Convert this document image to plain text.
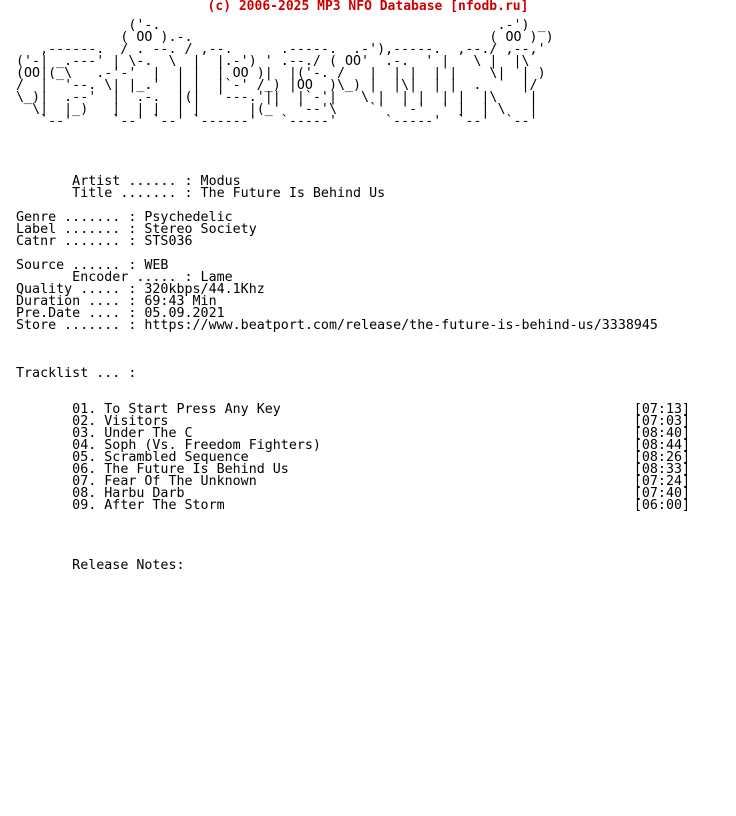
(c) 2006-2025 MP3 NFO Database [nfodb.ru]
('-.                                          .-') _
( OO ).-.                                     ( OO ) )
,------.  / . --. / ,--.      .-----.  .-'),-----.  ,--./ ,--,'
('-| _.---' | \-.  \  |  |.-') ' .--./ ( OO'  .-.  ' |   \ |  |\
(OO|(_\   .-'-'  |  | |  | OO )|  |('-. /   |  | |  | |    \|  | )
/  |  '--. \| |_.'  | |  |`-' /_) |OO  )\_) |  |\|  | |  .     |/
\_)|  .--'  |  .-.  |(|  '---.'||  |`-'|   \ |  | |  | |  |\    |
\|  |_)   |  | |  | |      |(_'  '--'\    `'  '-'  ' |  | \   |
`--'     `--' `--' `------'   `-----'      `-----'  `--'  `--'

Artist ...... : Modus
Title ....... : The Future Is Behind Us

Genre ....... : Psychedelic
Label ....... : Stereo Society
Catnr ....... : STS036

Source ...... : WEB
Encoder ..... : Lame
Quality ..... : 320kbps/44.1Khz
Duration .... : 69:43 Min
Pre.Date .... : 05.09.2021
Store ....... : https://www.beatport.com/release/the-future-is-behind-us/3338945

Tracklist ... :

01. To Start Press Any Key                                            [07:13]
02. Visitors                                                          [07:03]
03. Under The C                                                       [08:40]
04. Soph (Vs. Freedom Fighters)                                       [08:44]
05. Scrambled Sequence                                                [08:26]
06. The Future Is Behind Us                                           [08:33]
07. Fear Of The Unknown                                               [07:24]
08. Harbu Darb                                                        [07:40]
09. After The Storm                                                   [06:00]

Release Notes:
